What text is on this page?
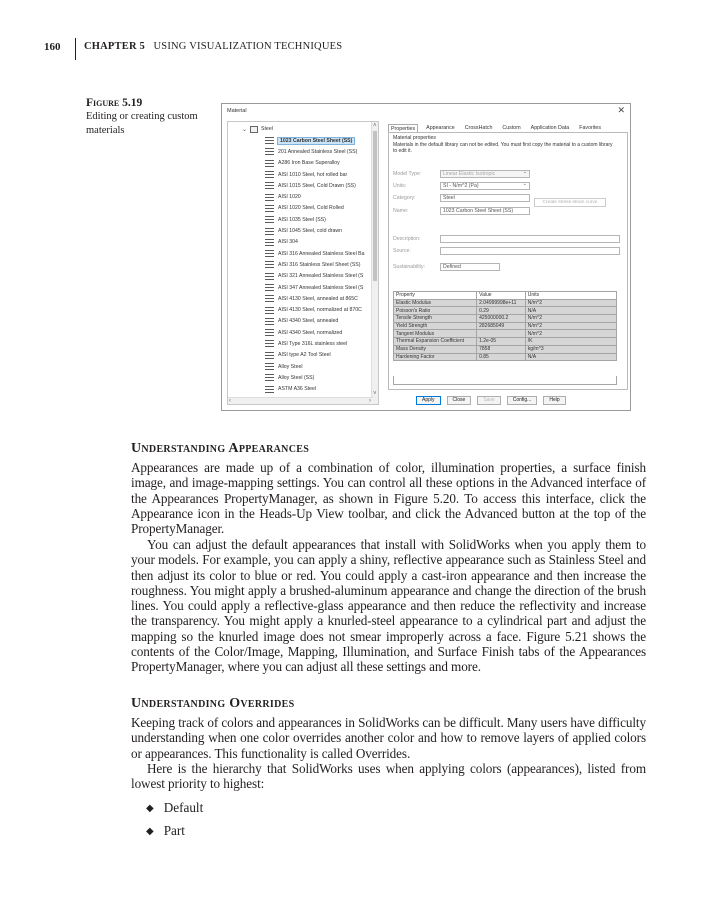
160 CHAPTER 5 USING VISUALIZATION TECHNIQUES
Figure 5.19
Editing or creating custom materials
Material	✕
⌄	Steel
1023 Carbon Steel Sheet (SS)
201 Annealed Stainless Steel (SS)
A286 Iron Base Superalloy
AISI 1010 Steel, hot rolled bar
AISI 1015 Steel, Cold Drawn (SS)
AISI 1020
AISI 1020 Steel, Cold Rolled
AISI 1035 Steel (SS)
AISI 1045 Steel, cold drawn
AISI 304
AISI 316 Annealed Stainless Steel Ba
AISI 316 Stainless Steel Sheet (SS)
AISI 321 Annealed Stainless Steel (S
AISI 347 Annealed Stainless Steel (S
AISI 4130 Steel, annealed at 865C
AISI 4130 Steel, normalized at 870C
AISI 4340 Steel, annealed
AISI 4340 Steel, normalized
AISI Type 316L stainless steel
AISI type A2 Tool Steel
Alloy Steel
Alloy Steel (SS)
ASTM A36 Steel
˄
˅
‹	›
Properties	Appearance	CrossHatch	Custom	Application Data	Favorites
Material properties
Materials in the default library can not be edited. You must first copy the material to a custom library to edit it.
Model Type:	Linear Elastic Isotropic ⌄
Units:	SI - N/m^2 (Pa) ⌄
Category:	Steel
Create stress-strain curve
Name:	1023 Carbon Steel Sheet (SS)
Description:
Source:
Sustainability:	Defined
Property	Value	Units
Elastic Modulus	2.04999998e+11	N/m^2
Poisson's Ratio	0.29	N/A
Tensile Strength	425000000.2	N/m^2
Yield Strength	282685049	N/m^2
Tangent Modulus		N/m^2
Thermal Expansion Coefficient	1.2e-05	/K
Mass Density	7858	kg/m^3
Hardening Factor	0.85	N/A
Apply	Close	Save	Config...	Help
Understanding Appearances
Appearances are made up of a combination of color, illumination properties, a surface finish image, and image-mapping settings. You can control all these options in the Advanced interface of the Appearances PropertyManager, as shown in Figure 5.20. To access this interface, click the Appearance icon in the Heads-Up View toolbar, and click the Advanced button at the top of the PropertyManager.
You can adjust the default appearances that install with SolidWorks when you apply them to your models. For example, you can apply a shiny, reflective appearance such as Stainless Steel and then adjust its color to blue or red. You could apply a cast-iron appearance and then increase the roughness. You might apply a brushed-aluminum appearance and change the direction of the brush lines. You could apply a reflective-glass appearance and then reduce the reflectivity and increase the transparency. You might apply a knurled-steel appearance to a cylindrical part and adjust the mapping so the knurled image does not smear improperly across a face. Figure 5.21 shows the contents of the Color/Image, Mapping, Illumination, and Surface Finish tabs of the Appearances PropertyManager, where you can adjust all these settings and more.
Understanding Overrides
Keeping track of colors and appearances in SolidWorks can be difficult. Many users have difficulty understanding when one color overrides another color and how to remove layers of applied colors or appearances. This functionality is called Overrides.
Here is the hierarchy that SolidWorks uses when applying colors (appearances), listed from lowest priority to highest:
◆ Default
◆ Part
